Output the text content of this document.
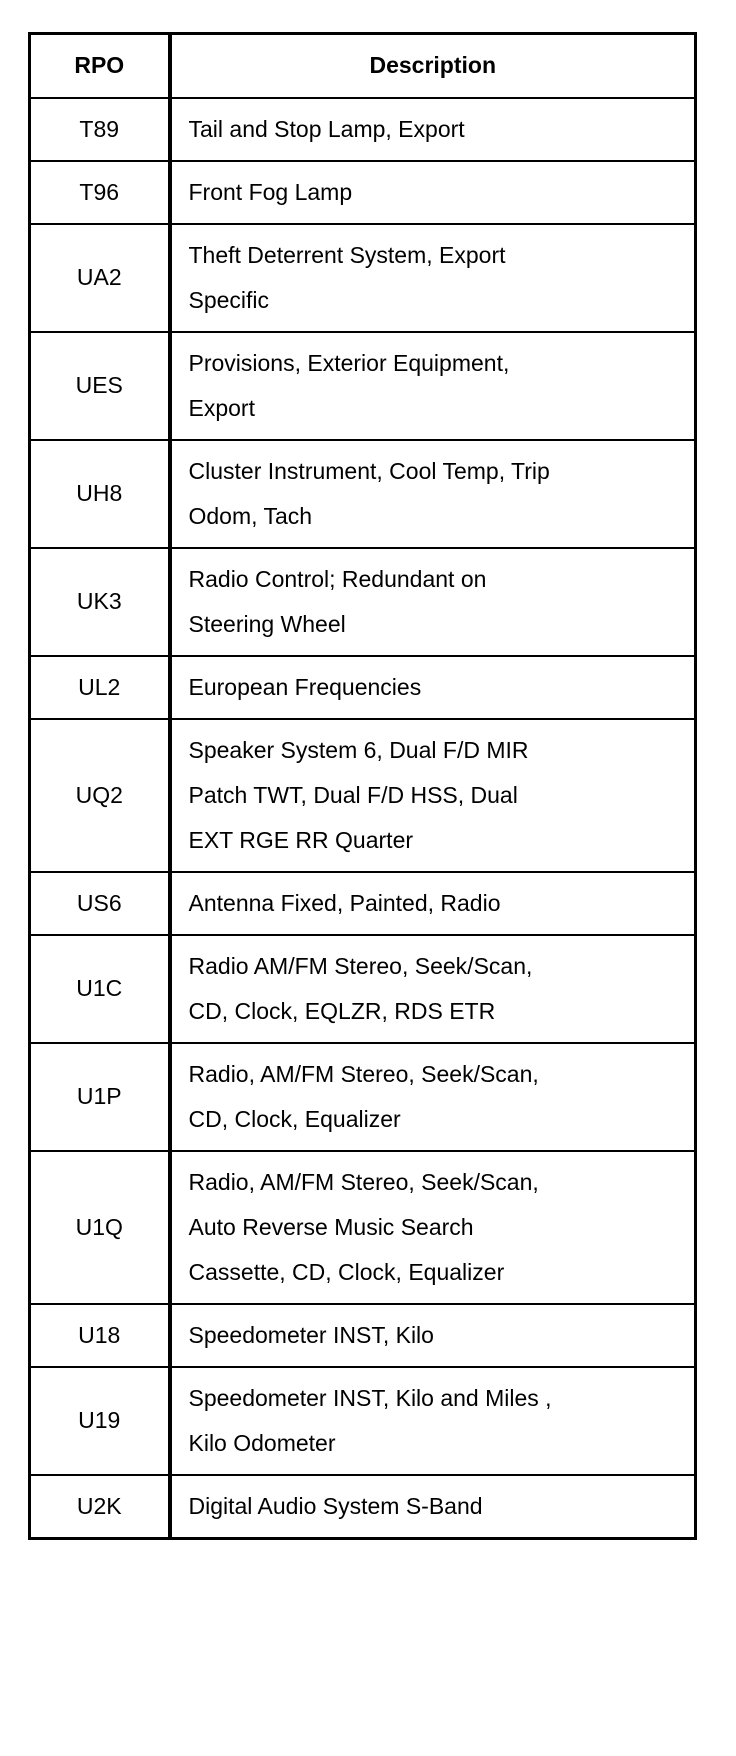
RPO	Description
T89	Tail and Stop Lamp, Export
T96	Front Fog Lamp
UA2	Theft Deterrent System, Export
Specific
UES	Provisions, Exterior Equipment,
Export
UH8	Cluster Instrument, Cool Temp, Trip
Odom, Tach
UK3	Radio Control; Redundant on
Steering Wheel
UL2	European Frequencies
UQ2	Speaker System 6, Dual F/D MIR
Patch TWT, Dual F/D HSS, Dual
EXT RGE RR Quarter
US6	Antenna Fixed, Painted, Radio
U1C	Radio AM/FM Stereo, Seek/Scan,
CD, Clock, EQLZR, RDS ETR
U1P	Radio, AM/FM Stereo, Seek/Scan,
CD, Clock, Equalizer
U1Q	Radio, AM/FM Stereo, Seek/Scan,
Auto Reverse Music Search
Cassette, CD, Clock, Equalizer
U18	Speedometer INST, Kilo
U19	Speedometer INST, Kilo and Miles ,
Kilo Odometer
U2K	Digital Audio System S-Band
